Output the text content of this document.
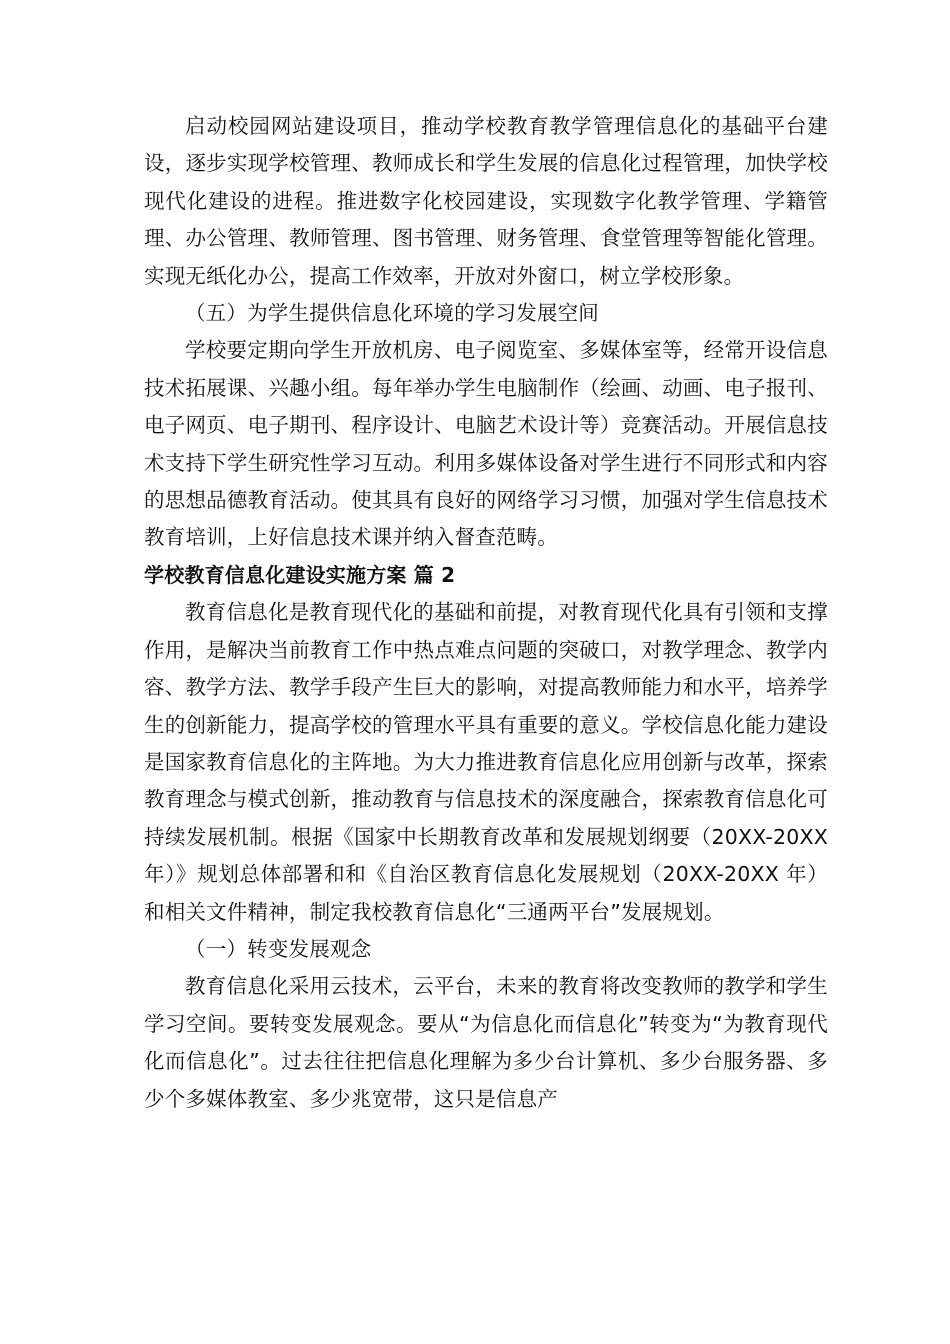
启动校园网站建设项目，推动学校教育教学管理信息化的基础平台建设，逐步实现学校管理、教师成长和学生发展的信息化过程管理，加快学校现代化建设的进程。推进数字化校园建设，实现数字化教学管理、学籍管理、办公管理、教师管理、图书管理、财务管理、食堂管理等智能化管理。实现无纸化办公，提高工作效率，开放对外窗口，树立学校形象。

（五）为学生提供信息化环境的学习发展空间

学校要定期向学生开放机房、电子阅览室、多媒体室等，经常开设信息技术拓展课、兴趣小组。每年举办学生电脑制作（绘画、动画、电子报刊、电子网页、电子期刊、程序设计、电脑艺术设计等）竞赛活动。开展信息技术支持下学生研究性学习互动。利用多媒体设备对学生进行不同形式和内容的思想品德教育活动。使其具有良好的网络学习习惯，加强对学生信息技术教育培训，上好信息技术课并纳入督查范畴。

学校教育信息化建设实施方案 篇 2

教育信息化是教育现代化的基础和前提，对教育现代化具有引领和支撑作用，是解决当前教育工作中热点难点问题的突破口，对教学理念、教学内容、教学方法、教学手段产生巨大的影响，对提高教师能力和水平，培养学生的创新能力，提高学校的管理水平具有重要的意义。学校信息化能力建设是国家教育信息化的主阵地。为大力推进教育信息化应用创新与改革，探索教育理念与模式创新，推动教育与信息技术的深度融合，探索教育信息化可持续发展机制。根据《国家中长期教育改革和发展规划纲要（20XX-20XX 年）》规划总体部署和和《自治区教育信息化发展规划（20XX-20XX 年）和相关文件精神，制定我校教育信息化“三通两平台”发展规划。

（一）转变发展观念

教育信息化采用云技术，云平台，未来的教育将改变教师的教学和学生学习空间。要转变发展观念。要从“为信息化而信息化”转变为“为教育现代化而信息化”。过去往往把信息化理解为多少台计算机、多少台服务器、多少个多媒体教室、多少兆宽带，这只是信息产
